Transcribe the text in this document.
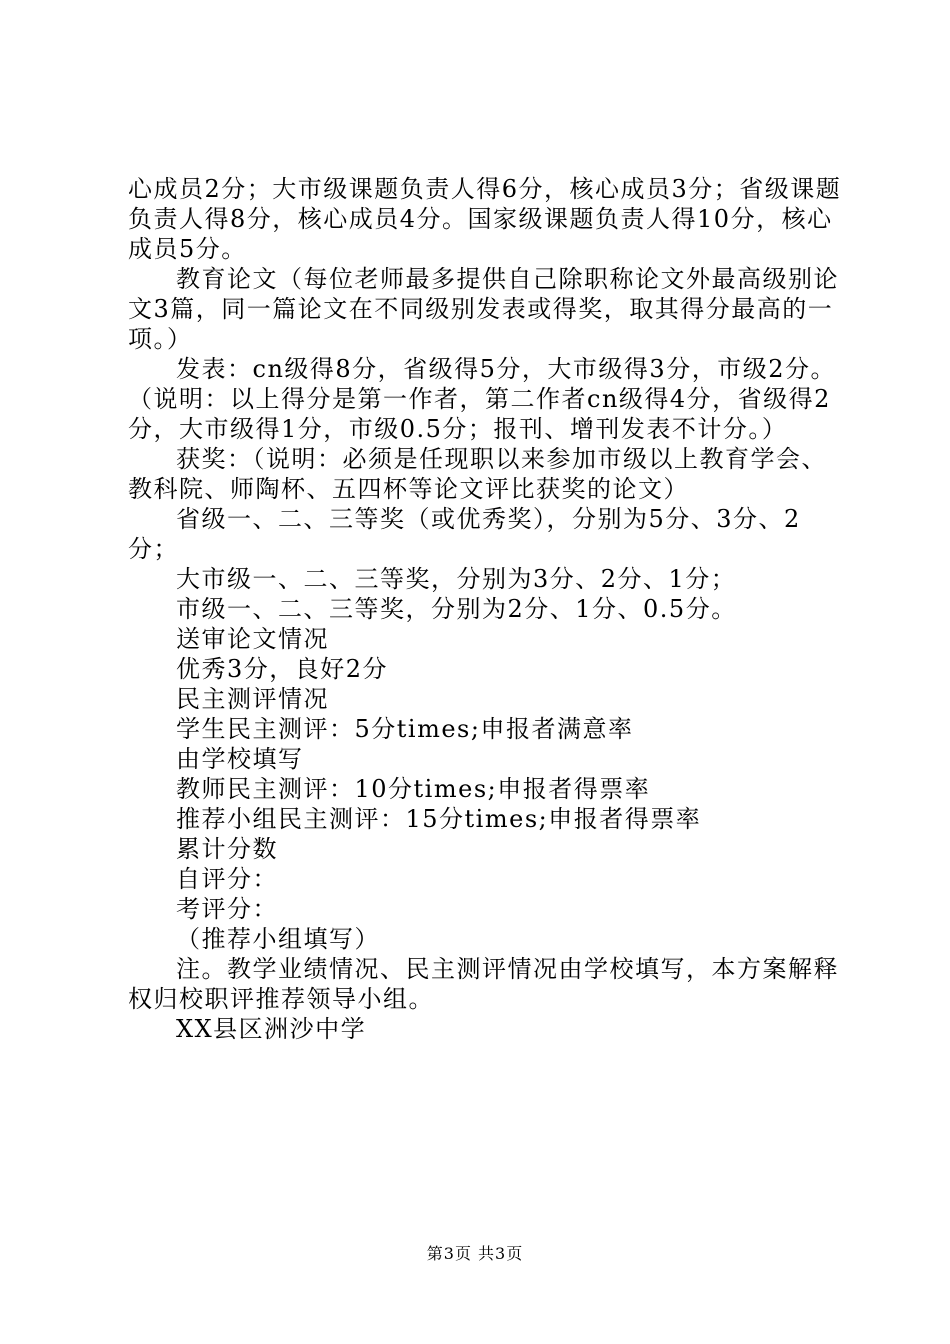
心成员2分；大市级课题负责人得6分，核心成员3分；省级课题负责人得8分，核心成员4分。国家级课题负责人得10分，核心成员5分。

教育论文（每位老师最多提供自己除职称论文外最高级别论文3篇，同一篇论文在不同级别发表或得奖，取其得分最高的一项。）

发表：cn级得8分，省级得5分，大市级得3分，市级2分。（说明：以上得分是第一作者，第二作者cn级得4分，省级得2分，大市级得1分，市级0.5分；报刊、增刊发表不计分。）

获奖：（说明：必须是任现职以来参加市级以上教育学会、教科院、师陶杯、五四杯等论文评比获奖的论文）

省级一、二、三等奖（或优秀奖），分别为5分、3分、2分；

大市级一、二、三等奖，分别为3分、2分、1分；

市级一、二、三等奖，分别为2分、1分、0.5分。

送审论文情况

优秀3分，良好2分

民主测评情况

学生民主测评：5分times;申报者满意率

由学校填写

教师民主测评：10分times;申报者得票率

推荐小组民主测评：15分times;申报者得票率

累计分数

自评分：

考评分：

（推荐小组填写）

注。教学业绩情况、民主测评情况由学校填写，本方案解释权归校职评推荐领导小组。

XX县区洲沙中学

第3页 共3页
